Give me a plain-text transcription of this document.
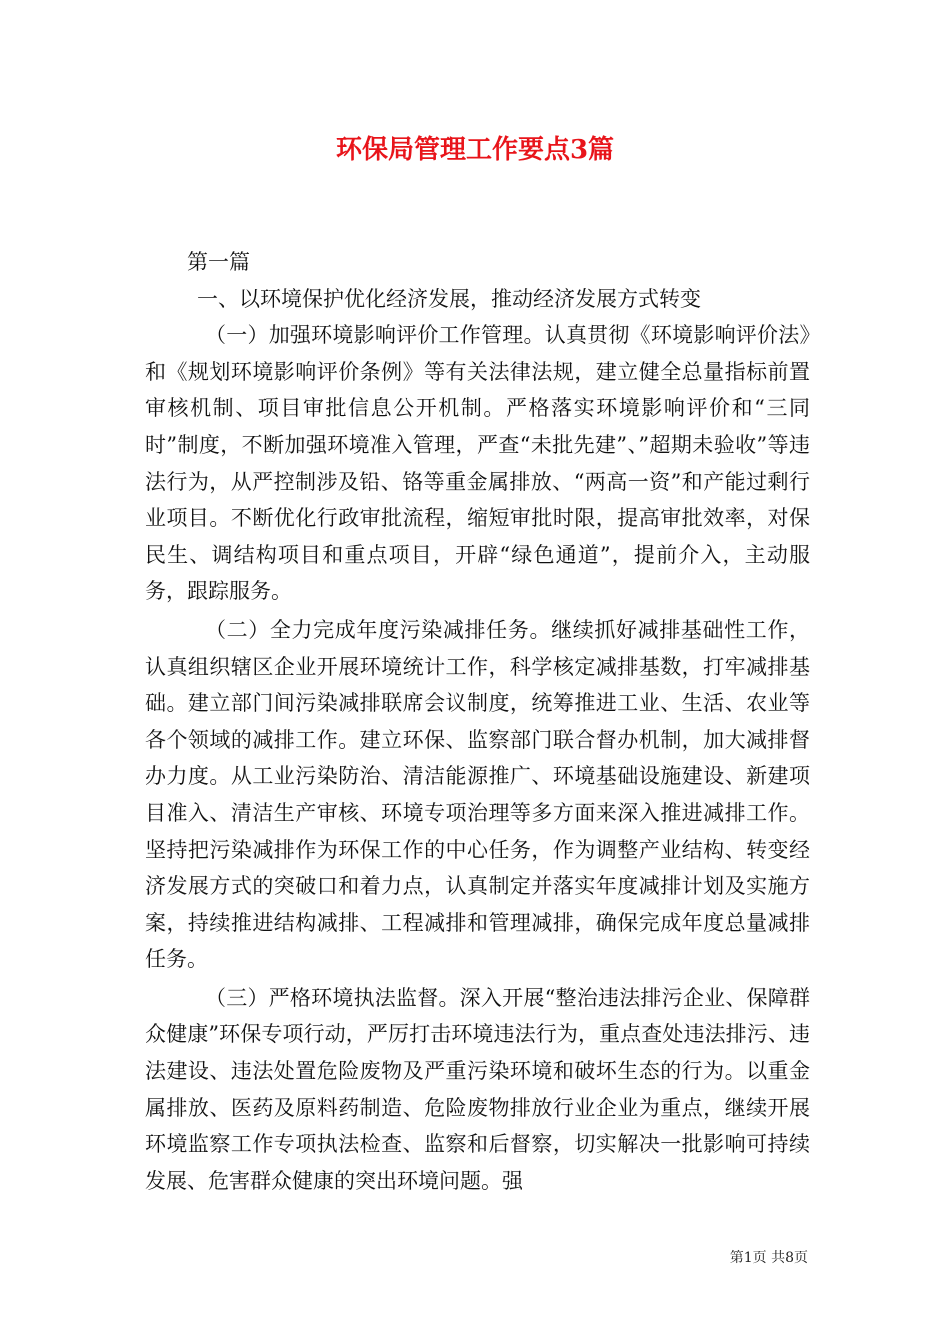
环保局管理工作要点3篇

第一篇

一、以环境保护优化经济发展，推动经济发展方式转变

（一）加强环境影响评价工作管理。认真贯彻《环境影响评价法》和《规划环境影响评价条例》等有关法律法规，建立健全总量指标前置审核机制、项目审批信息公开机制。严格落实环境影响评价和“三同时”制度，不断加强环境准入管理，严查“未批先建”、”超期未验收”等违法行为，从严控制涉及铅、铬等重金属排放、“两高一资”和产能过剩行业项目。不断优化行政审批流程，缩短审批时限，提高审批效率，对保民生、调结构项目和重点项目，开辟“绿色通道”，提前介入，主动服务，跟踪服务。

（二）全力完成年度污染减排任务。继续抓好减排基础性工作，认真组织辖区企业开展环境统计工作，科学核定减排基数，打牢减排基础。建立部门间污染减排联席会议制度，统筹推进工业、生活、农业等各个领域的减排工作。建立环保、监察部门联合督办机制，加大减排督办力度。从工业污染防治、清洁能源推广、环境基础设施建设、新建项目准入、清洁生产审核、环境专项治理等多方面来深入推进减排工作。坚持把污染减排作为环保工作的中心任务，作为调整产业结构、转变经济发展方式的突破口和着力点，认真制定并落实年度减排计划及实施方案，持续推进结构减排、工程减排和管理减排，确保完成年度总量减排任务。

（三）严格环境执法监督。深入开展“整治违法排污企业、保障群众健康”环保专项行动，严厉打击环境违法行为，重点查处违法排污、违法建设、违法处置危险废物及严重污染环境和破坏生态的行为。以重金属排放、医药及原料药制造、危险废物排放行业企业为重点，继续开展环境监察工作专项执法检查、监察和后督察，切实解决一批影响可持续发展、危害群众健康的突出环境问题。强

第1页 共8页
